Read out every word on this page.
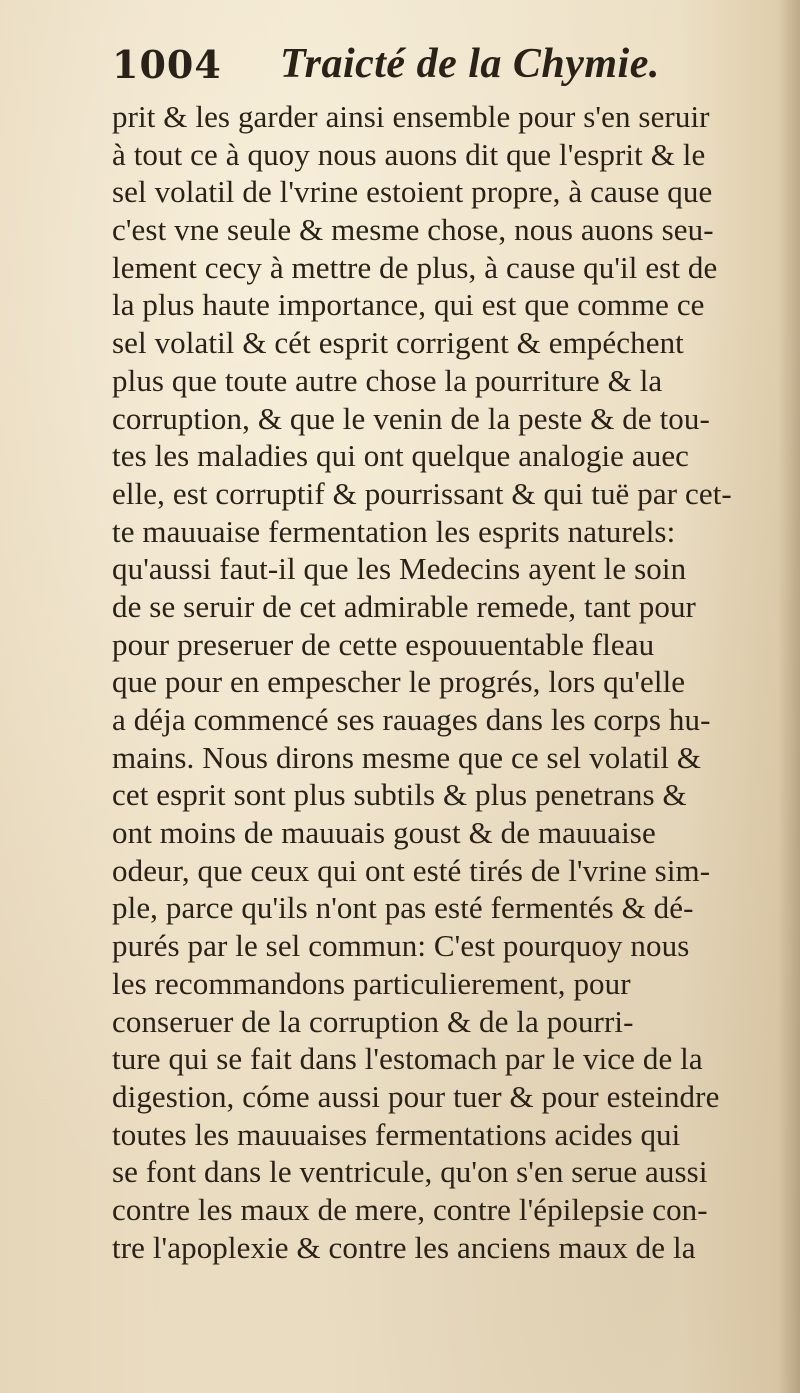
1004 Traicté de la Chymie.
prit & les garder ainsi ensemble pour s'en seruir
à tout ce à quoy nous auons dit que l'esprit & le
sel volatil de l'vrine estoient propre, à cause que
c'est vne seule & mesme chose, nous auons seu-
lement cecy à mettre de plus, à cause qu'il est de
la plus haute importance, qui est que comme ce
sel volatil & cét esprit corrigent & empéchent
plus que toute autre chose la pourriture & la
corruption, & que le venin de la peste & de tou-
tes les maladies qui ont quelque analogie auec
elle, est corruptif & pourrissant & qui tuë par cet-
te mauuaise fermentation les esprits naturels:
qu'aussi faut-il que les Medecins ayent le soin
de se seruir de cet admirable remede, tant pour
pour preseruer de cette espouuentable fleau
que pour en empescher le progrés, lors qu'elle
a déja commencé ses rauages dans les corps hu-
mains. Nous dirons mesme que ce sel volatil &
cet esprit sont plus subtils & plus penetrans &
ont moins de mauuais goust & de mauuaise
odeur, que ceux qui ont esté tirés de l'vrine sim-
ple, parce qu'ils n'ont pas esté fermentés & dé-
purés par le sel commun: C'est pourquoy nous
les recommandons particulierement, pour
conseruer de la corruption & de la pourri-
ture qui se fait dans l'estomach par le vice de la
digestion, cóme aussi pour tuer & pour esteindre
toutes les mauuaises fermentations acides qui
se font dans le ventricule, qu'on s'en serue aussi
contre les maux de mere, contre l'épilepsie con-
tre l'apoplexie & contre les anciens maux de la
